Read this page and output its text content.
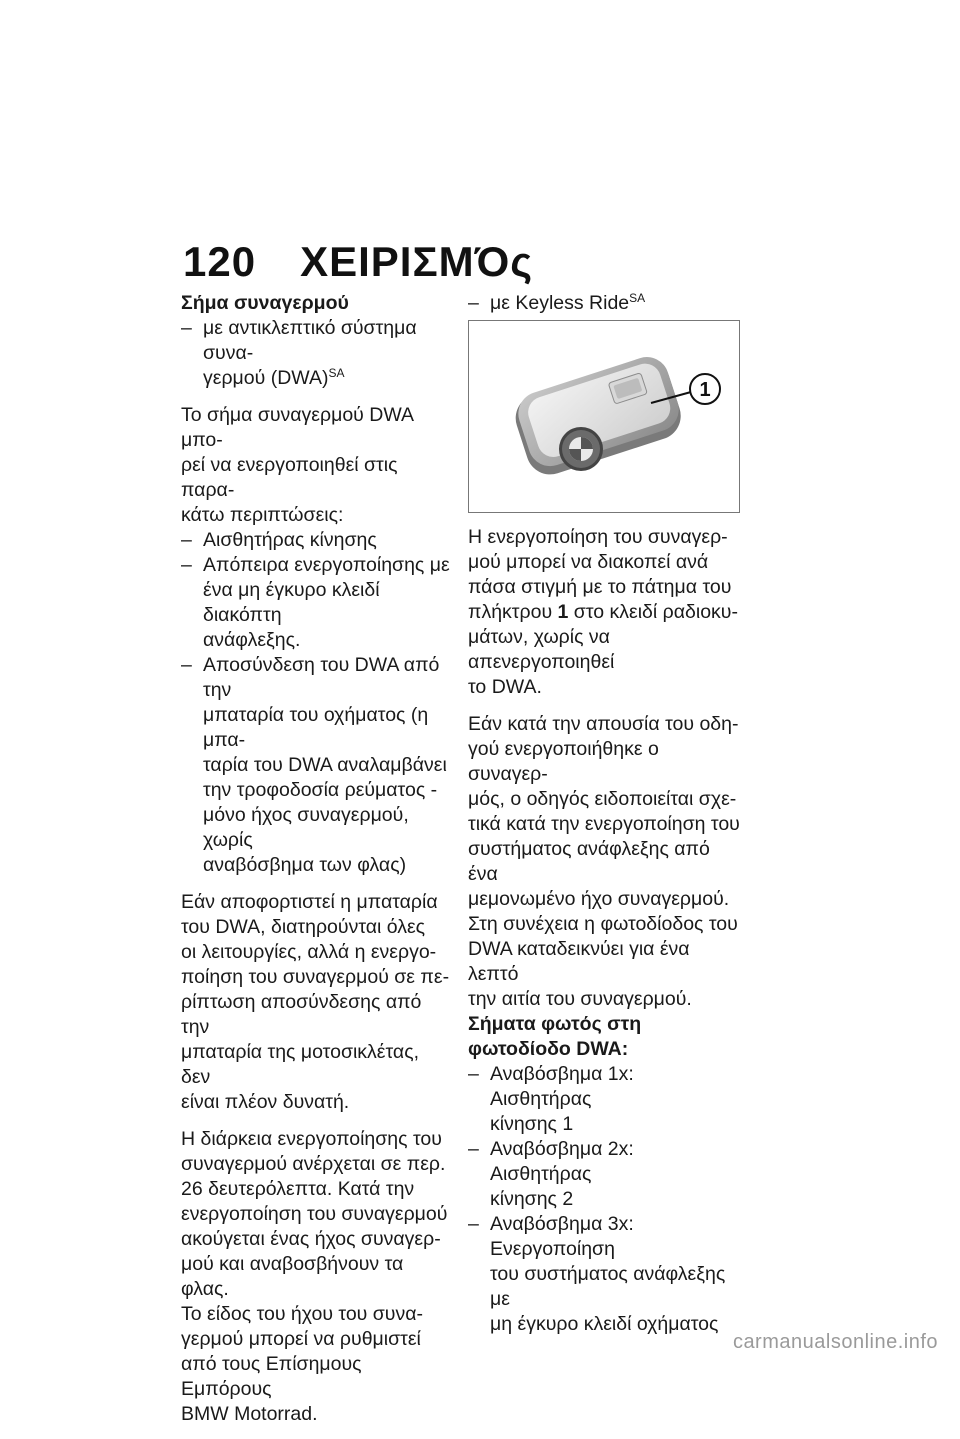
120 ΧΕΙΡΙΣΜΌς
Σήμα συναγερμού
– με αντικλεπτικό σύστημα συνα-
γερμού (DWA)$^{SA}$
Το σήμα συναγερμού DWA μπο-
ρεί να ενεργοποιηθεί στις παρα-
κάτω περιπτώσεις:
– Αισθητήρας κίνησης
– Απόπειρα ενεργοποίησης με
ένα μη έγκυρο κλειδί διακόπτη
ανάφλεξης.
– Αποσύνδεση του DWA από την
μπαταρία του οχήματος (η μπα-
ταρία του DWA αναλαμβάνει
την τροφοδοσία ρεύματος -
μόνο ήχος συναγερμού, χωρίς
αναβόσβημα των φλας)

Εάν αποφορτιστεί η μπαταρία
του DWA, διατηρούνται όλες
οι λειτουργίες, αλλά η ενεργο-
ποίηση του συναγερμού σε πε-
ρίπτωση αποσύνδεσης από την
μπαταρία της μοτοσικλέτας, δεν
είναι πλέον δυνατή.

Η διάρκεια ενεργοποίησης του
συναγερμού ανέρχεται σε περ.
26 δευτερόλεπτα. Κατά την
ενεργοποίηση του συναγερμού
ακούγεται ένας ήχος συναγερ-
μού και αναβοσβήνουν τα φλας.
Το είδος του ήχου του συνα-
γερμού μπορεί να ρυθμιστεί
από τους Επίσημους Εμπόρους
BMW Motorrad.

– με Keyless Ride$^{SA}$
1

Η ενεργοποίηση του συναγερ-
μού μπορεί να διακοπεί ανά
πάσα στιγμή με το πάτημα του
πλήκτρου 1 στο κλειδί ραδιοκυ-
μάτων, χωρίς να απενεργοποιηθεί
το DWA.

Εάν κατά την απουσία του οδη-
γού ενεργοποιήθηκε ο συναγερ-
μός, ο οδηγός ειδοποιείται σχε-
τικά κατά την ενεργοποίηση του
συστήματος ανάφλεξης από ένα
μεμονωμένο ήχο συναγερμού.
Στη συνέχεια η φωτοδίοδος του
DWA καταδεικνύει για ένα λεπτό
την αιτία του συναγερμού.
Σήματα φωτός στη
φωτοδίοδο DWA:
– Αναβόσβημα 1x: Αισθητήρας
κίνησης 1
– Αναβόσβημα 2x: Αισθητήρας
κίνησης 2
– Αναβόσβημα 3x: Ενεργοποίηση
του συστήματος ανάφλεξης με
μη έγκυρο κλειδί οχήματος
carmanualsonline.info
